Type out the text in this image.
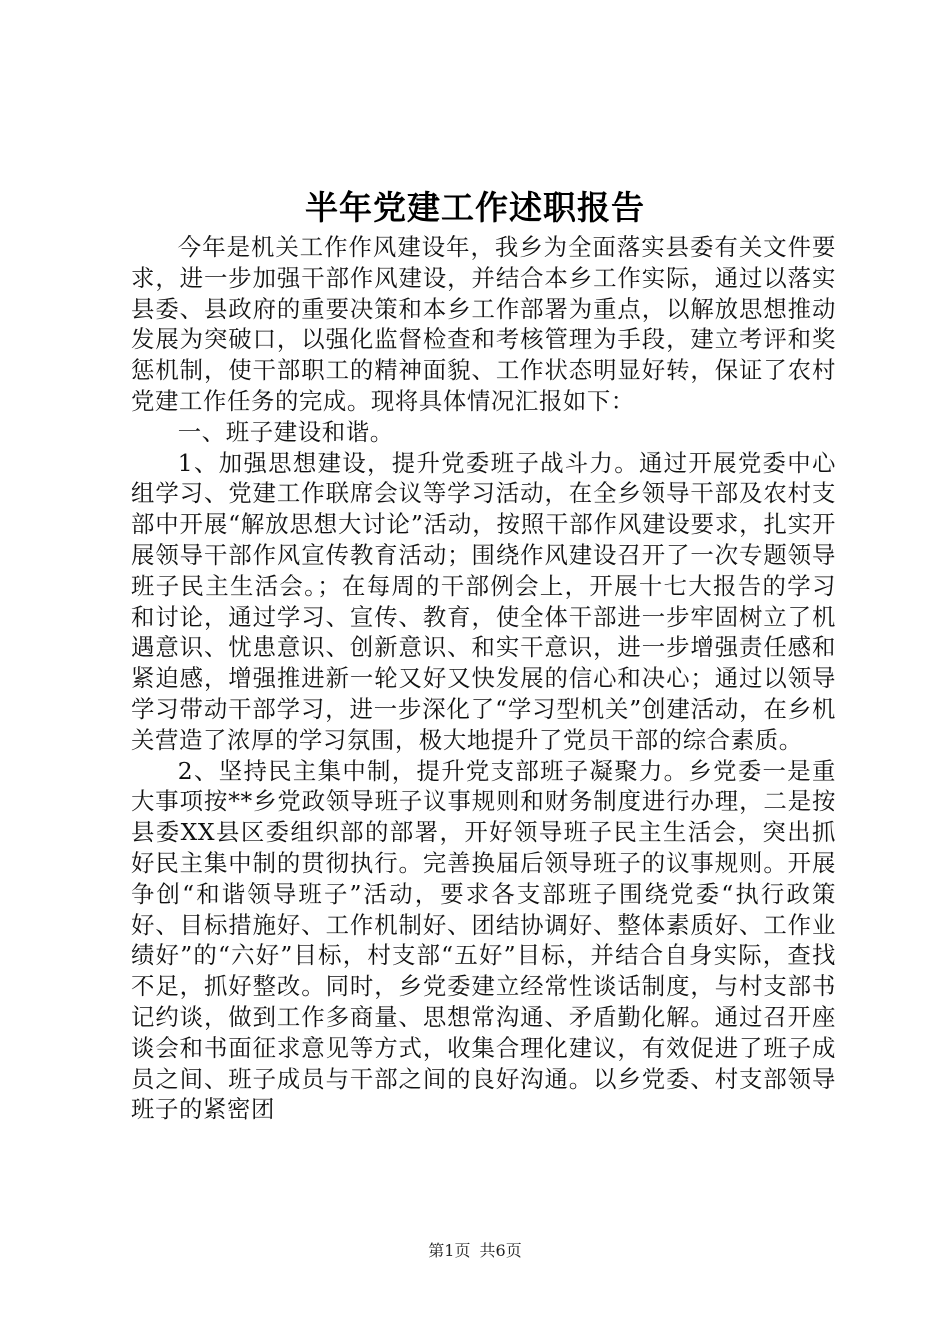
半年党建工作述职报告

今年是机关工作作风建设年，我乡为全面落实县委有关文件要求，进一步加强干部作风建设，并结合本乡工作实际，通过以落实县委、县政府的重要决策和本乡工作部署为重点，以解放思想推动发展为突破口，以强化监督检查和考核管理为手段，建立考评和奖惩机制，使干部职工的精神面貌、工作状态明显好转，保证了农村党建工作任务的完成。现将具体情况汇报如下：

一、班子建设和谐。

1、加强思想建设，提升党委班子战斗力。通过开展党委中心组学习、党建工作联席会议等学习活动，在全乡领导干部及农村支部中开展“解放思想大讨论”活动，按照干部作风建设要求，扎实开展领导干部作风宣传教育活动；围绕作风建设召开了一次专题领导班子民主生活会。；在每周的干部例会上，开展十七大报告的学习和讨论，通过学习、宣传、教育，使全体干部进一步牢固树立了机遇意识、忧患意识、创新意识、和实干意识，进一步增强责任感和紧迫感，增强推进新一轮又好又快发展的信心和决心；通过以领导学习带动干部学习，进一步深化了“学习型机关”创建活动，在乡机关营造了浓厚的学习氛围，极大地提升了党员干部的综合素质。

2、坚持民主集中制，提升党支部班子凝聚力。乡党委一是重大事项按**乡党政领导班子议事规则和财务制度进行办理，二是按县委XX县区委组织部的部署，开好领导班子民主生活会，突出抓好民主集中制的贯彻执行。完善换届后领导班子的议事规则。开展争创“和谐领导班子”活动，要求各支部班子围绕党委“执行政策好、目标措施好、工作机制好、团结协调好、整体素质好、工作业绩好”的“六好”目标，村支部“五好”目标，并结合自身实际，查找不足，抓好整改。同时，乡党委建立经常性谈话制度，与村支部书记约谈，做到工作多商量、思想常沟通、矛盾勤化解。通过召开座谈会和书面征求意见等方式，收集合理化建议，有效促进了班子成员之间、班子成员与干部之间的良好沟通。以乡党委、村支部领导班子的紧密团

第1页 共6页
